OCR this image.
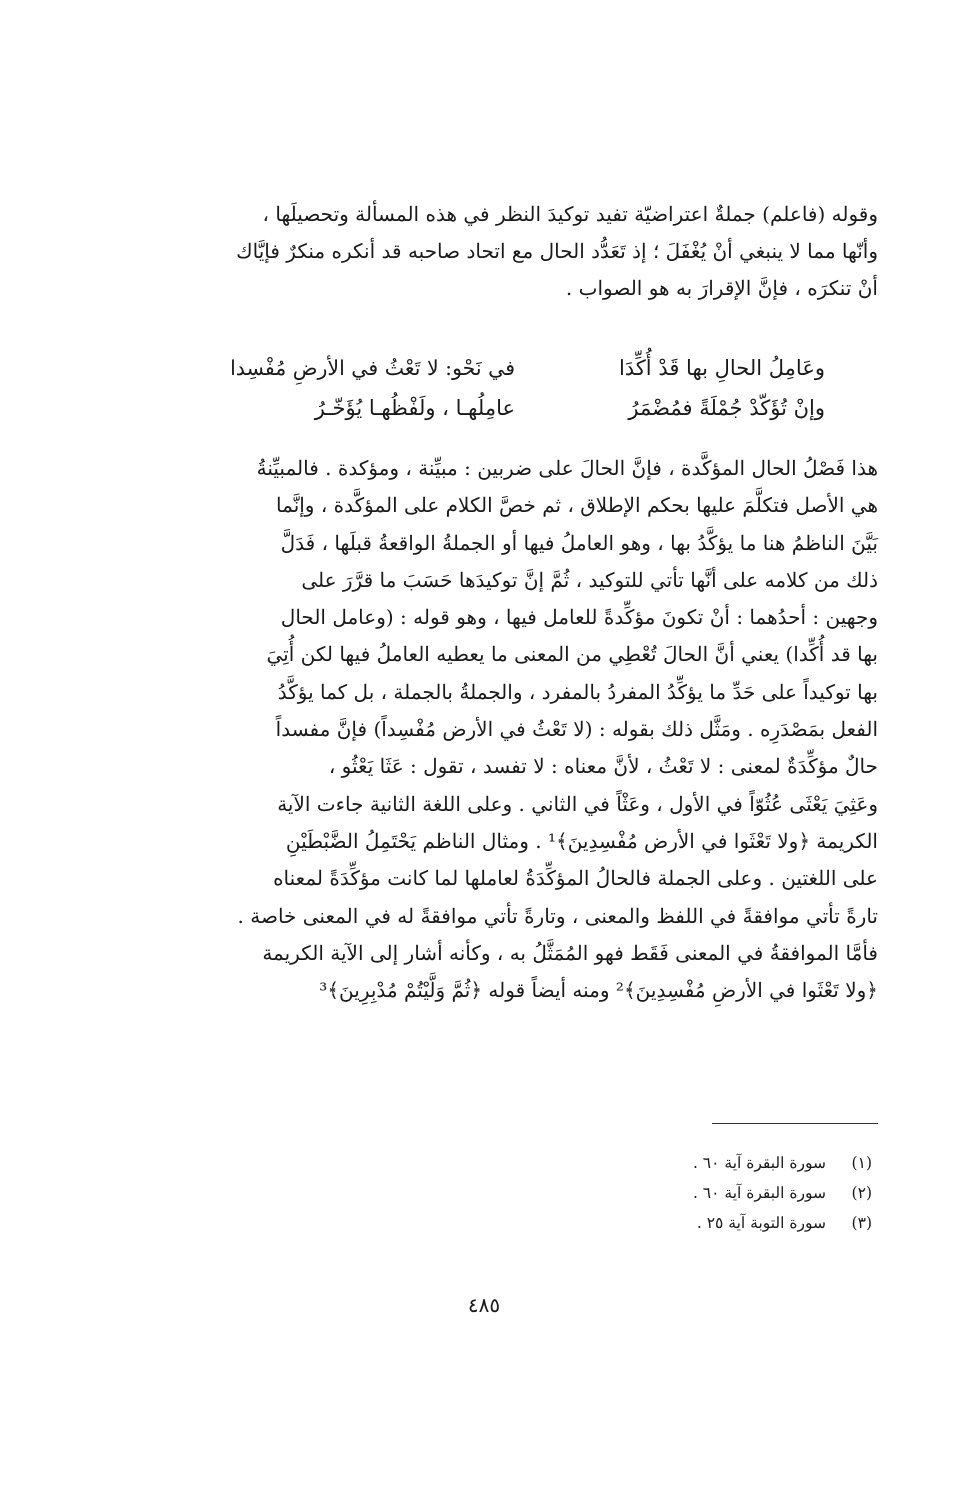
وقوله (فاعلم) جملةٌ اعتراضيّة تفيد توكيدَ النظر في هذه المسألة وتحصيلَها ،

وأنّها مما لا ينبغي أنْ يُغْفَلَ ؛ إذ تَعَدُّد الحال مع اتحاد صاحبه قد أنكره منكرٌ فإيَّاك

أنْ تنكرَه ، فإنَّ الإقرارَ به هو الصواب .

وعَامِلُ الحالِ بها قَدْ أُكِّدَا
في نَحْو: لا تَعْثُ في الأرضِ مُفْسِدا
وإنْ تُؤَكّدْ جُمْلَةً فمُضْمَرُ
عامِلُهـا ، ولَفْظُهـا يُؤَخّـرُ

هذا فَصْلُ الحال المؤكَّدة ، فإنَّ الحالَ على ضربين : مبيِّنة ، ومؤكدة . فالمبيِّنةُ

هي الأصل فتكلَّمَ عليها بحكم الإطلاق ، ثم خصَّ الكلام على المؤكَّدة ، وإنَّما

بَيَّنَ الناظمُ هنا ما يؤكَّدُ بها ، وهو العاملُ فيها أو الجملةُ الواقعةُ قبلَها ، فَدَلَّ

ذلك من كلامه على أنَّها تأتي للتوكيد ، ثُمَّ إنَّ توكيدَها حَسَبَ ما قرَّرَ على

وجهين : أحدُهما : أنْ تكونَ مؤكِّدةً للعامل فيها ، وهو قوله : (وعامل الحال

بها قد أُكِّدا) يعني أنَّ الحالَ تُعْطِي من المعنى ما يعطيه العاملُ فيها لكن أُتِيَ

بها توكيداً على حَدِّ ما يؤكِّدُ المفردُ بالمفرد ، والجملةُ بالجملة ، بل كما يؤكَّدُ

الفعل بمَصْدَرِه . ومَثَّل ذلك بقوله : (لا تَعْثُ في الأرض مُفْسِداً) فإنَّ مفسداً

حالٌ مؤكِّدَةٌ لمعنى : لا تَعْثُ ، لأنَّ معناه : لا تفسد ، تقول : عَثَا يَعْثُو ،

وعَثِيَ يَعْثَى عُثُوّاً في الأول ، وعَثْاً في الثاني . وعلى اللغة الثانية جاءت الآية

الكريمة ﴿ولا تَعْثَوا في الأرض مُفْسِدِينَ﴾¹ . ومثال الناظم يَحْتَمِلُ الضَّبْطَيْنِ

على اللغتين . وعلى الجملة فالحالُ المؤكِّدَةُ لعاملها لما كانت مؤكِّدَةً لمعناه

تارةً تأتي موافقةً في اللفظ والمعنى ، وتارةً تأتي موافقةً له في المعنى خاصة .

فأمَّا الموافقةُ في المعنى فَقَط فهو المُمَثَّلُ به ، وكأنه أشار إلى الآية الكريمة

﴿ولا تَعْثَوا في الأرضِ مُفْسِدِينَ﴾² ومنه أيضاً قوله ﴿ثُمَّ وَلَّيْتُمْ مُدْبِرِينَ﴾³

(١)
سورة البقرة آية ٦٠ .
(٢)
سورة البقرة آية ٦٠ .
(٣)
سورة التوبة آية ٢٥ .
٤٨٥
